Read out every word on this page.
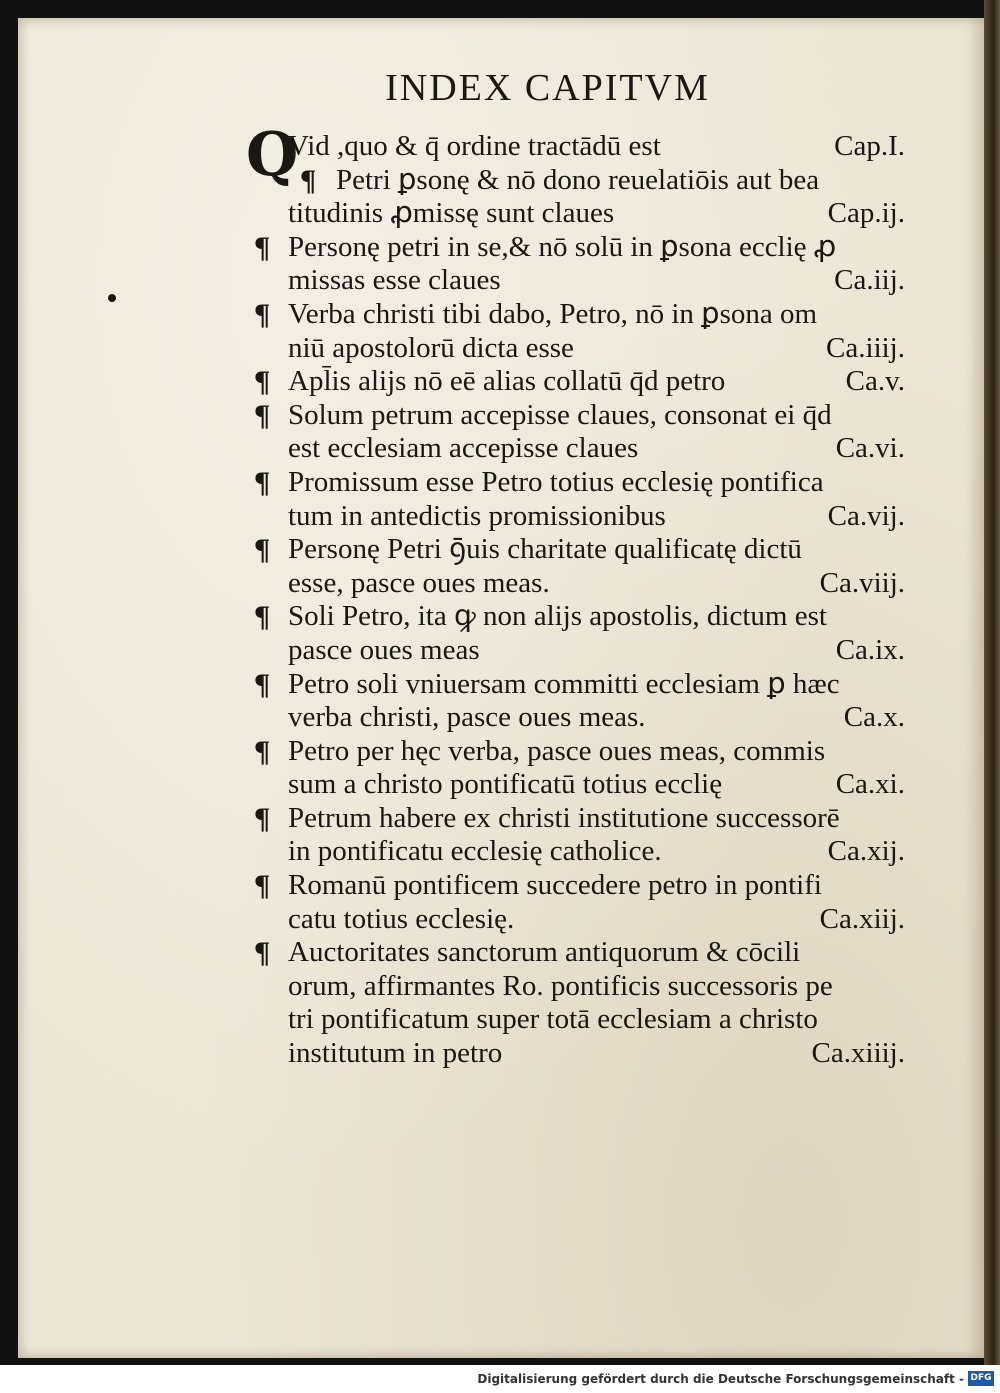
INDEX CAPITVM
Q
Vid ,quo & q̄ ordine tractādū est	Cap.I.
¶ Petri ꝑsonę & nō dono reuelatiōis aut bea
titudinis ꝓmissę sunt claues	Cap.ij.
¶ Personę petri in se,& nō solū in ꝑsona ecclię ꝓ
missas esse claues	Ca.iij.
¶ Verba christi tibi dabo, Petro, nō in ꝑsona om
niū apostolorū dicta esse	Ca.iiij.
¶ Apl̄is alijs nō eē alias collatū q̄d petro	Ca.v.
¶ Solum petrum accepisse claues, consonat ei q̄d
est ecclesiam accepisse claues	Ca.vi.
¶ Promissum esse Petro totius ecclesię pontifica
tum in antedictis promissionibus	Ca.vij.
¶ Personę Petri ꝯ̄uis charitate qualificatę dictū
esse, pasce oues meas.	Ca.viij.
¶ Soli Petro, ita ꝙ non alijs apostolis, dictum est
pasce oues meas	Ca.ix.
¶ Petro soli vniuersam committi ecclesiam ꝑ hæc
verba christi, pasce oues meas.	Ca.x.
¶ Petro per hęc verba, pasce oues meas, commis
sum a christo pontificatū totius ecclię	Ca.xi.
¶ Petrum habere ex christi institutione successorē
in pontificatu ecclesię catholice.	Ca.xij.
¶ Romanū pontificem succedere petro in pontifi
catu totius ecclesię.	Ca.xiij.
¶ Auctoritates sanctorum antiquorum & cōcili
orum, affirmantes Ro. pontificis successoris pe
tri pontificatum super totā ecclesiam a christo
institutum in petro	Ca.xiiij.
Digitalisierung gefördert durch die Deutsche Forschungsgemeinschaft - DFG
